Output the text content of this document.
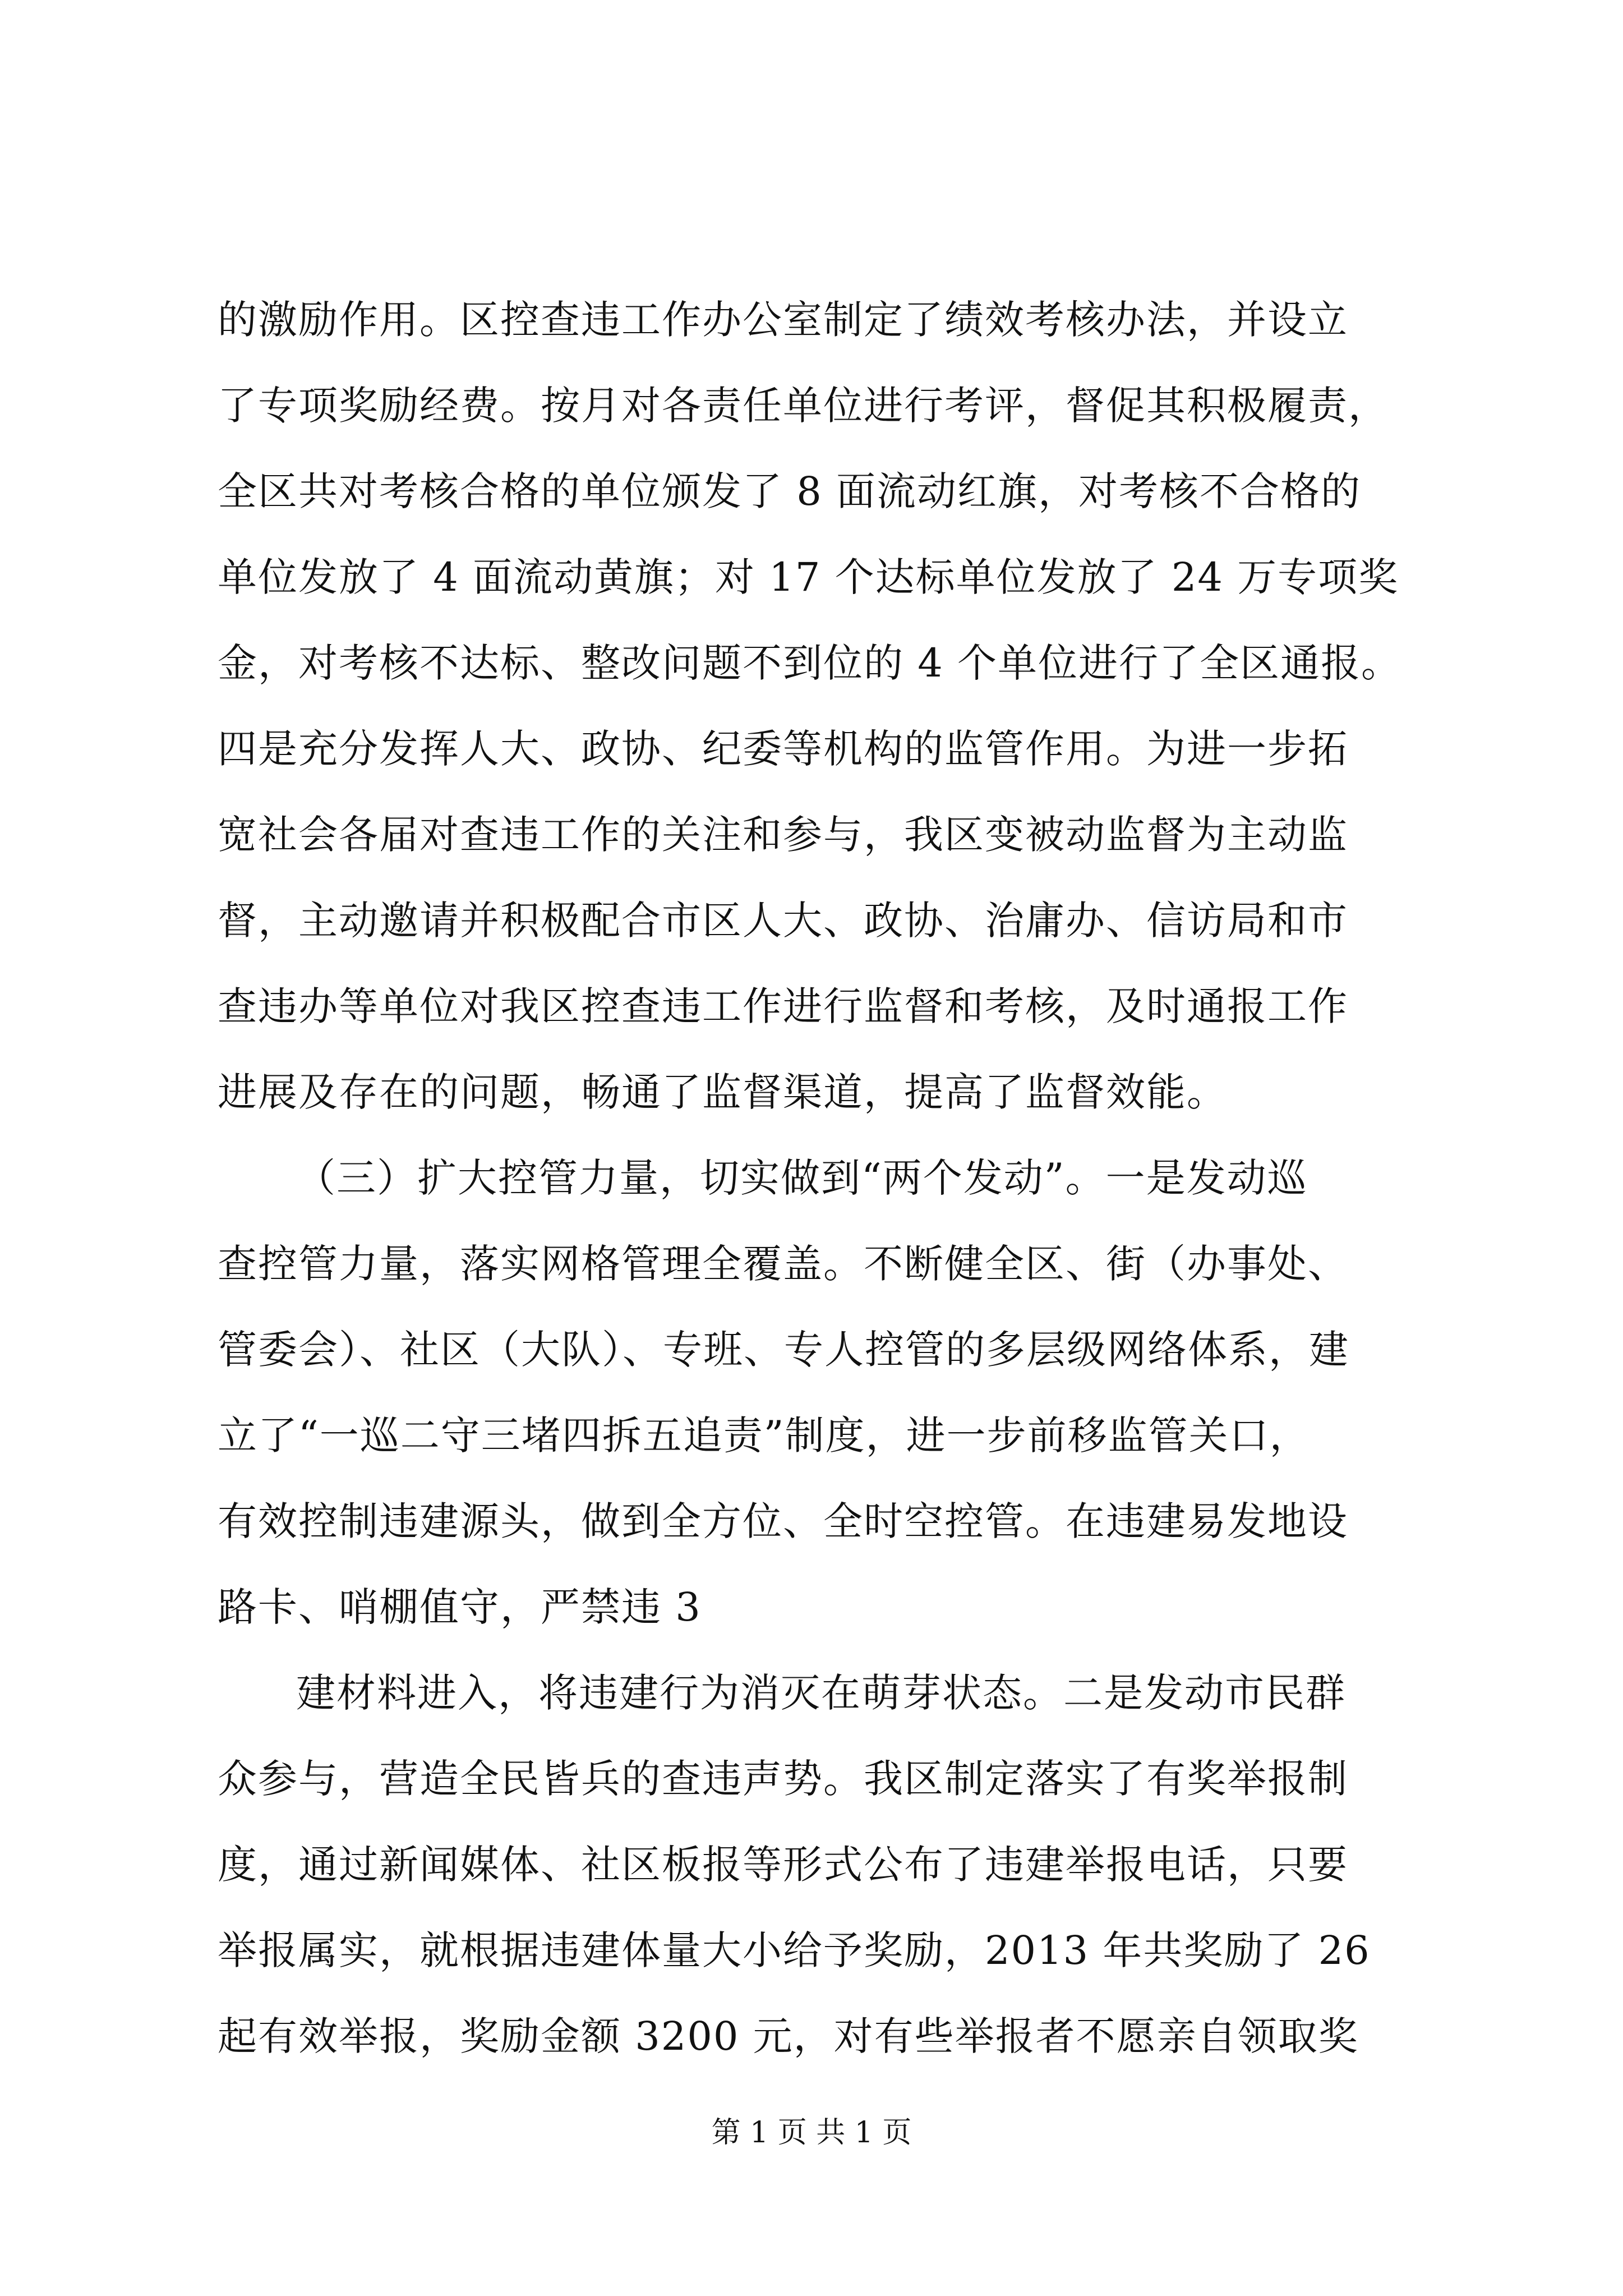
的激励作用。区控查违工作办公室制定了绩效考核办法，并设立
了专项奖励经费。按月对各责任单位进行考评，督促其积极履责，
全区共对考核合格的单位颁发了 8 面流动红旗，对考核不合格的
单位发放了 4 面流动黄旗；对 17 个达标单位发放了 24 万专项奖
金，对考核不达标、整改问题不到位的 4 个单位进行了全区通报。
四是充分发挥人大、政协、纪委等机构的监管作用。为进一步拓
宽社会各届对查违工作的关注和参与，我区变被动监督为主动监
督，主动邀请并积极配合市区人大、政协、治庸办、信访局和市
查违办等单位对我区控查违工作进行监督和考核，及时通报工作
进展及存在的问题，畅通了监督渠道，提高了监督效能。
（三）扩大控管力量，切实做到“两个发动”。一是发动巡
查控管力量，落实网格管理全覆盖。不断健全区、街（办事处、
管委会）、社区（大队）、专班、专人控管的多层级网络体系，建
立了“一巡二守三堵四拆五追责”制度，进一步前移监管关口，
有效控制违建源头，做到全方位、全时空控管。在违建易发地设
路卡、哨棚值守，严禁违 3
建材料进入，将违建行为消灭在萌芽状态。二是发动市民群
众参与，营造全民皆兵的查违声势。我区制定落实了有奖举报制
度，通过新闻媒体、社区板报等形式公布了违建举报电话，只要
举报属实，就根据违建体量大小给予奖励，2013 年共奖励了 26
起有效举报，奖励金额 3200 元，对有些举报者不愿亲自领取奖
第 1 页 共 1 页
